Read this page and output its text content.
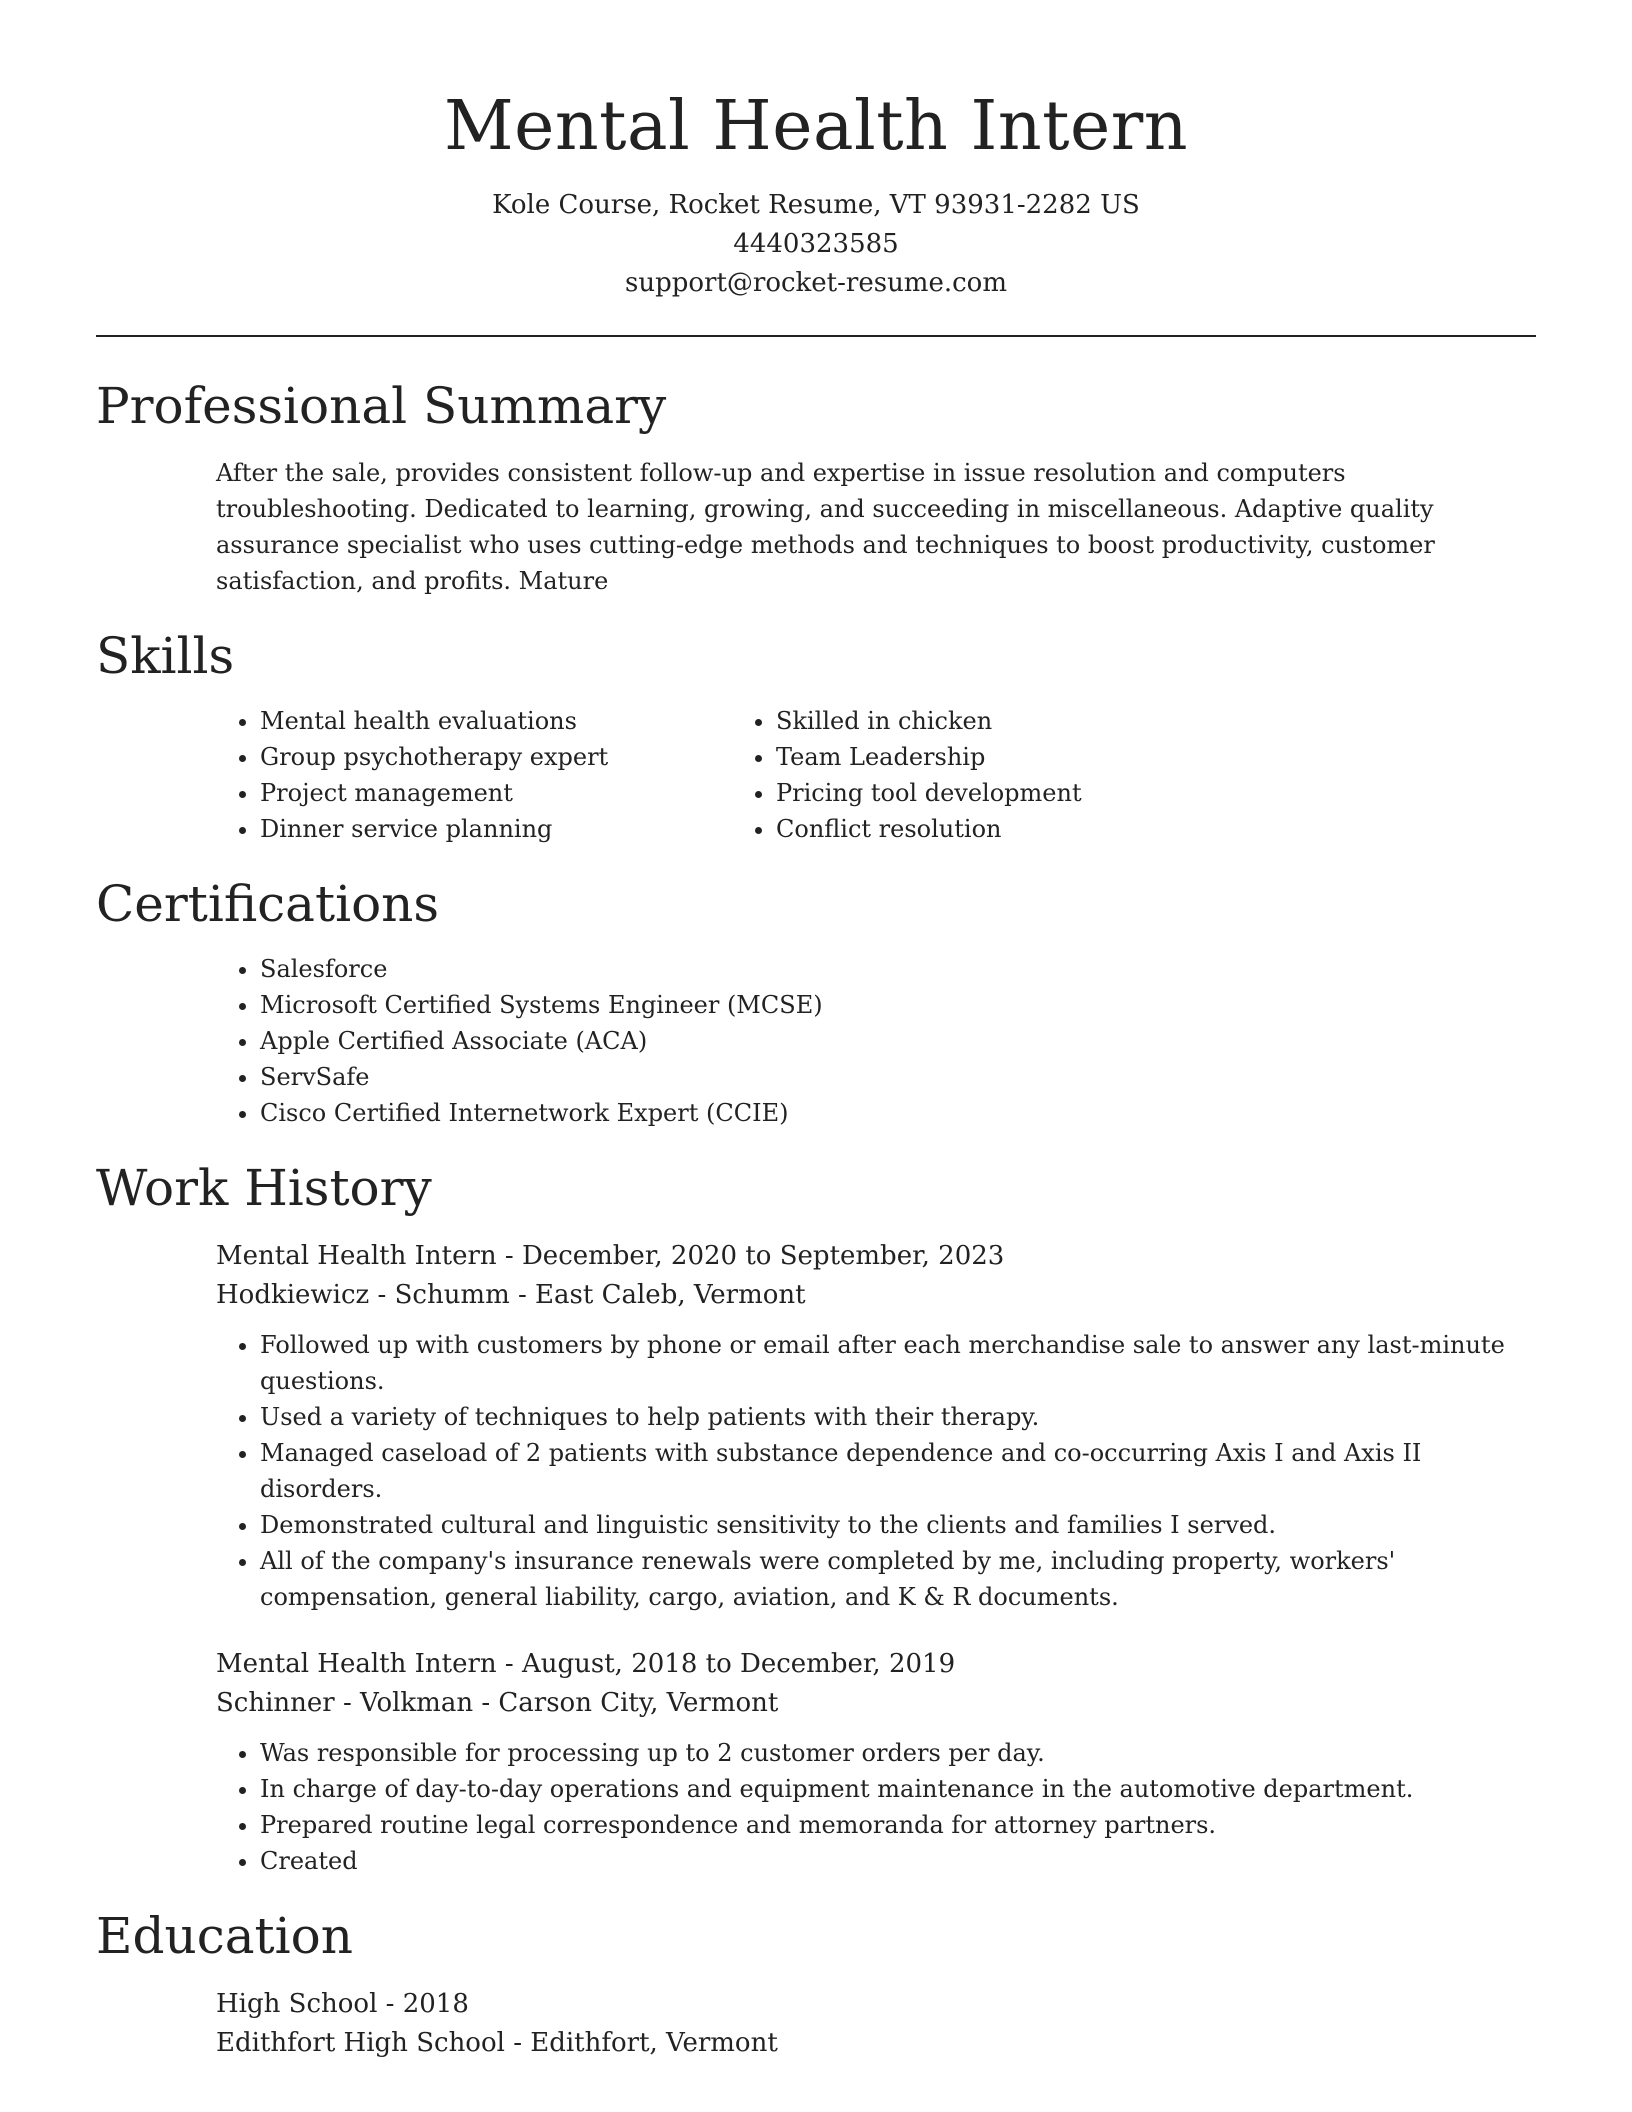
Mental Health Intern
Kole Course, Rocket Resume, VT 93931-2282 US
4440323585
support@rocket-resume.com
Professional Summary
After the sale, provides consistent follow-up and expertise in issue resolution and computers troubleshooting. Dedicated to learning, growing, and succeeding in miscellaneous. Adaptive quality assurance specialist who uses cutting-edge methods and techniques to boost productivity, customer satisfaction, and profits. Mature
Skills
• Mental health evaluations
• Group psychotherapy expert
• Project management
• Dinner service planning
• Skilled in chicken
• Team Leadership
• Pricing tool development
• Conflict resolution
Certifications
• Salesforce
• Microsoft Certified Systems Engineer (MCSE)
• Apple Certified Associate (ACA)
• ServSafe
• Cisco Certified Internetwork Expert (CCIE)
Work History
Mental Health Intern - December, 2020 to September, 2023
Hodkiewicz - Schumm - East Caleb, Vermont
• Followed up with customers by phone or email after each merchandise sale to answer any last-minute questions.
• Used a variety of techniques to help patients with their therapy.
• Managed caseload of 2 patients with substance dependence and co-occurring Axis I and Axis II disorders.
• Demonstrated cultural and linguistic sensitivity to the clients and families I served.
• All of the company's insurance renewals were completed by me, including property, workers' compensation, general liability, cargo, aviation, and K & R documents.
Mental Health Intern - August, 2018 to December, 2019
Schinner - Volkman - Carson City, Vermont
• Was responsible for processing up to 2 customer orders per day.
• In charge of day-to-day operations and equipment maintenance in the automotive department.
• Prepared routine legal correspondence and memoranda for attorney partners.
• Created
Education
High School - 2018
Edithfort High School - Edithfort, Vermont
